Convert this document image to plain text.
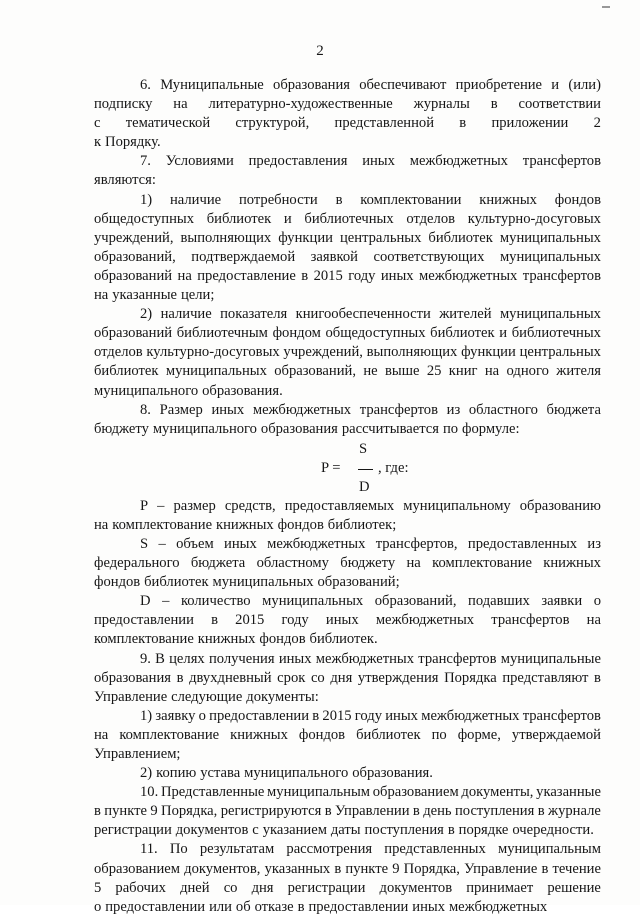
2
6. Муниципальные образования обеспечивают приобретение и (или)
подписку на литературно-художественные журналы в соответствии
с тематической структурой, представленной в приложении 2
к Порядку.
7. Условиями предоставления иных межбюджетных трансфертов
являются:
1) наличие потребности в комплектовании книжных фондов
общедоступных библиотек и библиотечных отделов культурно-досуговых
учреждений, выполняющих функции центральных библиотек муниципальных
образований, подтверждаемой заявкой соответствующих муниципальных
образований на предоставление в 2015 году иных межбюджетных трансфертов
на указанные цели;
2) наличие показателя книгообеспеченности жителей муниципальных
образований библиотечным фондом общедоступных библиотек и библиотечных
отделов культурно-досуговых учреждений, выполняющих функции центральных
библиотек муниципальных образований, не выше 25 книг на одного жителя
муниципального образования.
8. Размер иных межбюджетных трансфертов из областного бюджета
бюджету муниципального образования рассчитывается по формуле:
S
P =	, где:
D
P – размер средств, предоставляемых муниципальному образованию
на комплектование книжных фондов библиотек;
S – объем иных межбюджетных трансфертов, предоставленных из
федерального бюджета областному бюджету на комплектование книжных
фондов библиотек муниципальных образований;
D – количество муниципальных образований, подавших заявки о
предоставлении в 2015 году иных межбюджетных трансфертов на
комплектование книжных фондов библиотек.
9. В целях получения иных межбюджетных трансфертов муниципальные
образования в двухдневный срок со дня утверждения Порядка представляют в
Управление следующие документы:
1) заявку о предоставлении в 2015 году иных межбюджетных трансфертов
на комплектование книжных фондов библиотек по форме, утверждаемой
Управлением;
2) копию устава муниципального образования.
10. Представленные муниципальным образованием документы, указанные
в пункте 9 Порядка, регистрируются в Управлении в день поступления в журнале
регистрации документов с указанием даты поступления в порядке очередности.
11. По результатам рассмотрения представленных муниципальным
образованием документов, указанных в пункте 9 Порядка, Управление в течение
5 рабочих дней со дня регистрации документов принимает решение
о предоставлении или об отказе в предоставлении иных межбюджетных
